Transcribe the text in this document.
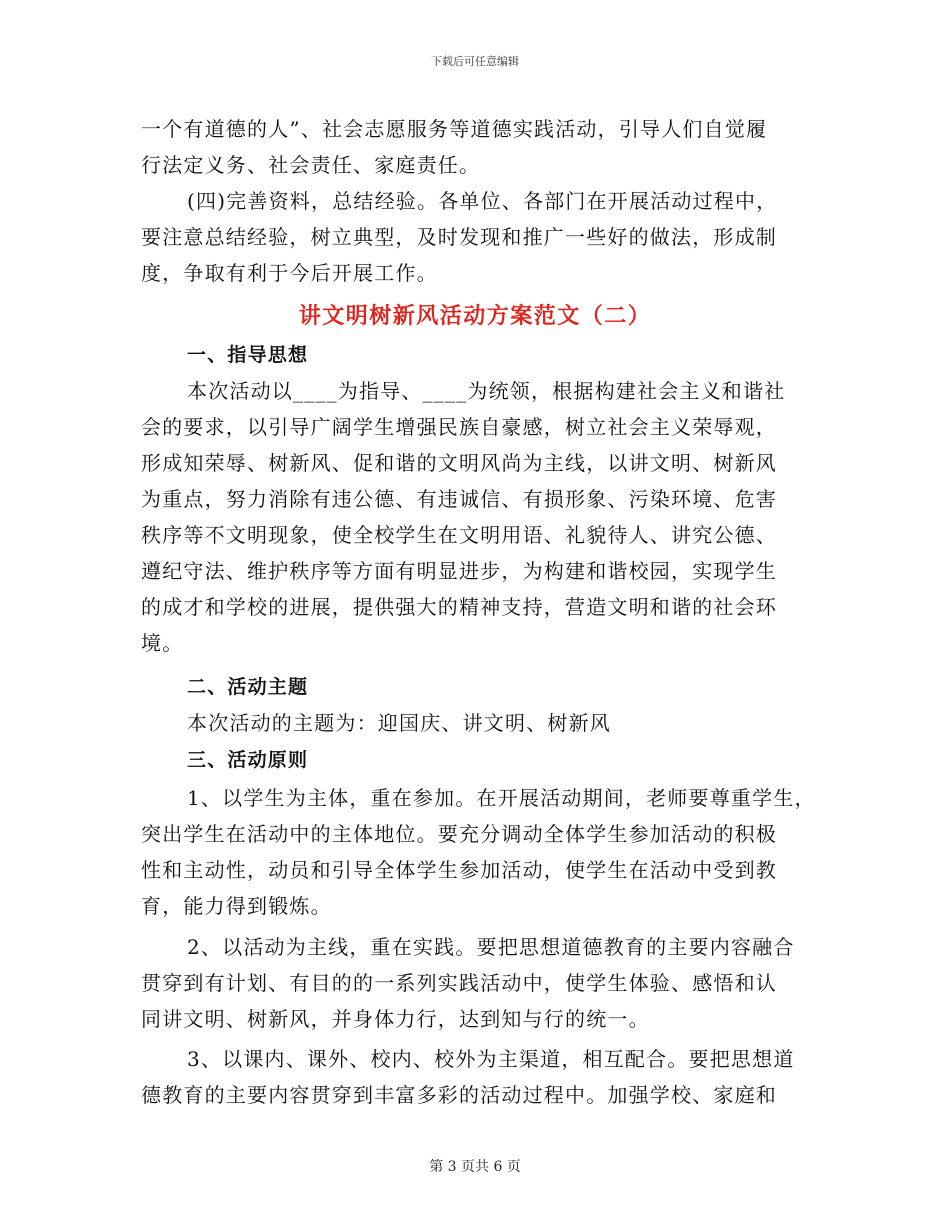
下载后可任意编辑
一个有道德的人”、社会志愿服务等道德实践活动，引导人们自觉履
行法定义务、社会责任、家庭责任。
(四)完善资料，总结经验。各单位、各部门在开展活动过程中，
要注意总结经验，树立典型，及时发现和推广一些好的做法，形成制
度，争取有利于今后开展工作。
讲文明树新风活动方案范文（二）
一、指导思想
本次活动以____为指导、____为统领，根据构建社会主义和谐社
会的要求，以引导广阔学生增强民族自豪感，树立社会主义荣辱观，
形成知荣辱、树新风、促和谐的文明风尚为主线，以讲文明、树新风
为重点，努力消除有违公德、有违诚信、有损形象、污染环境、危害
秩序等不文明现象，使全校学生在文明用语、礼貌待人、讲究公德、
遵纪守法、维护秩序等方面有明显进步，为构建和谐校园，实现学生
的成才和学校的进展，提供强大的精神支持，营造文明和谐的社会环
境。
二、活动主题
本次活动的主题为：迎国庆、讲文明、树新风
三、活动原则
1、以学生为主体，重在参加。在开展活动期间，老师要尊重学生，
突出学生在活动中的主体地位。要充分调动全体学生参加活动的积极
性和主动性，动员和引导全体学生参加活动，使学生在活动中受到教
育，能力得到锻炼。
2、以活动为主线，重在实践。要把思想道德教育的主要内容融合
贯穿到有计划、有目的的一系列实践活动中，使学生体验、感悟和认
同讲文明、树新风，并身体力行，达到知与行的统一。
3、以课内、课外、校内、校外为主渠道，相互配合。要把思想道
德教育的主要内容贯穿到丰富多彩的活动过程中。加强学校、家庭和
第 3 页共 6 页
